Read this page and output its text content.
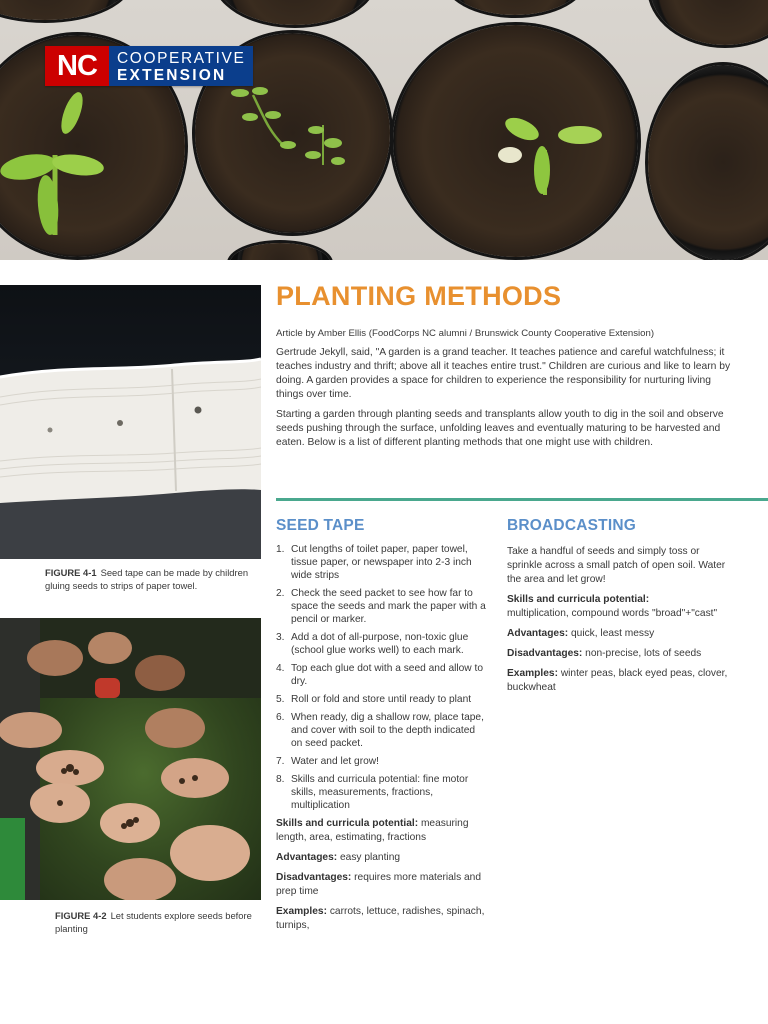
NC	COOPERATIVE
EXTENSION
FIGURE 4-1 Seed tape can be made by children gluing seeds to strips of paper towel.
FIGURE 4-2 Let students explore seeds before planting
PLANTING METHODS
Article by Amber Ellis (FoodCorps NC alumni / Brunswick County Cooperative Extension)

Gertrude Jekyll, said, "A garden is a grand teacher. It teaches patience and careful watchfulness; it teaches industry and thrift; above all it teaches entire trust." Children are curious and like to learn by doing. A garden provides a space for children to experience the responsibility for nurturing living things over time.

Starting a garden through planting seeds and transplants allow youth to dig in the soil and observe seeds pushing through the surface, unfolding leaves and eventually maturing to be harvested and eaten. Below is a list of different planting methods that one might use with children.

SEED TAPE
1. Cut lengths of toilet paper, paper towel, tissue paper, or newspaper into 2-3 inch wide strips
2. Check the seed packet to see how far to space the seeds and mark the paper with a pencil or marker.
3. Add a dot of all-purpose, non-toxic glue (school glue works well) to each mark.
4. Top each glue dot with a seed and allow to dry.
5. Roll or fold and store until ready to plant
6. When ready, dig a shallow row, place tape, and cover with soil to the depth indicated on seed packet.
7. Water and let grow!
8. Skills and curricula potential: fine motor skills, measurements, fractions, multiplication

Skills and curricula potential: measuring length, area, estimating, fractions

Advantages: easy planting

Disadvantages: requires more materials and prep time

Examples: carrots, lettuce, radishes, spinach, turnips,

BROADCASTING

Take a handful of seeds and simply toss or sprinkle across a small patch of open soil. Water the area and let grow!

Skills and curricula potential:
multiplication, compound words "broad"+"cast"

Advantages: quick, least messy

Disadvantages: non-precise, lots of seeds

Examples: winter peas, black eyed peas, clover, buckwheat
